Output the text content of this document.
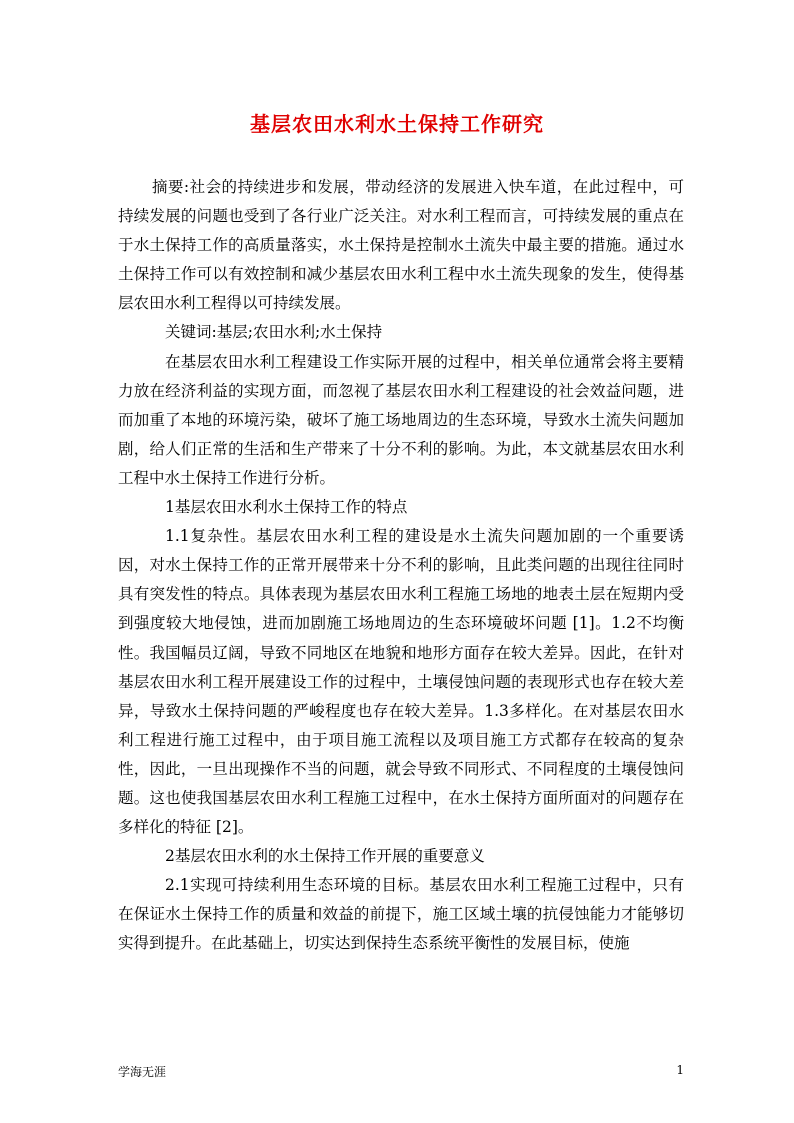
基层农田水利水土保持工作研究

摘要:社会的持续进步和发展，带动经济的发展进入快车道，在此过程中，可持续发展的问题也受到了各行业广泛关注。对水利工程而言，可持续发展的重点在于水土保持工作的高质量落实，水土保持是控制水土流失中最主要的措施。通过水土保持工作可以有效控制和减少基层农田水利工程中水土流失现象的发生，使得基层农田水利工程得以可持续发展。

关键词:基层;农田水利;水土保持

在基层农田水利工程建设工作实际开展的过程中，相关单位通常会将主要精力放在经济利益的实现方面，而忽视了基层农田水利工程建设的社会效益问题，进而加重了本地的环境污染，破坏了施工场地周边的生态环境，导致水土流失问题加剧，给人们正常的生活和生产带来了十分不利的影响。为此，本文就基层农田水利工程中水土保持工作进行分析。

1基层农田水利水土保持工作的特点

1.1复杂性。基层农田水利工程的建设是水土流失问题加剧的一个重要诱因，对水土保持工作的正常开展带来十分不利的影响，且此类问题的出现往往同时具有突发性的特点。具体表现为基层农田水利工程施工场地的地表土层在短期内受到强度较大地侵蚀，进而加剧施工场地周边的生态环境破坏问题 [1]。1.2不均衡性。我国幅员辽阔，导致不同地区在地貌和地形方面存在较大差异。因此，在针对基层农田水利工程开展建设工作的过程中，土壤侵蚀问题的表现形式也存在较大差异，导致水土保持问题的严峻程度也存在较大差异。1.3多样化。在对基层农田水利工程进行施工过程中，由于项目施工流程以及项目施工方式都存在较高的复杂性，因此，一旦出现操作不当的问题，就会导致不同形式、不同程度的土壤侵蚀问题。这也使我国基层农田水利工程施工过程中，在水土保持方面所面对的问题存在多样化的特征 [2]。

2基层农田水利的水土保持工作开展的重要意义

2.1实现可持续利用生态环境的目标。基层农田水利工程施工过程中，只有在保证水土保持工作的质量和效益的前提下，施工区域土壤的抗侵蚀能力才能够切实得到提升。在此基础上，切实达到保持生态系统平衡性的发展目标，使施

学海无涯	1
